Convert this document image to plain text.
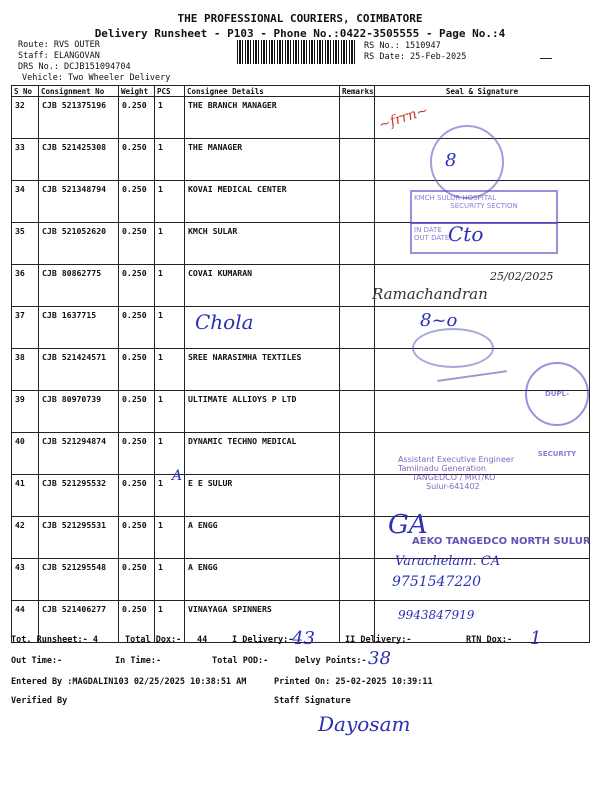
THE PROFESSIONAL COURIERS, COIMBATORE
Delivery Runsheet - P103 - Phone No.:0422-3505555 - Page No.:4
Route: RVS OUTER
Staff: ELANGOVAN
DRS No.: DCJB151094704
Vehicle: Two Wheeler Delivery
RS No.: 1510947
RS Date: 25-Feb-2025
S No	Consignment No	Weight	PCS	Consignee Details	Remarks	Seal & Signature
32	CJB 521375196	0.250	1	THE BRANCH MANAGER		
33	CJB 521425308	0.250	1	THE MANAGER		
34	CJB 521348794	0.250	1	KOVAI MEDICAL CENTER		
35	CJB 521052620	0.250	1	KMCH SULAR		
36	CJB 80862775	0.250	1	COVAI KUMARAN		
37	CJB 1637715	0.250	1			
38	CJB 521424571	0.250	1	SREE NARASIMHA TEXTILES		
39	CJB 80970739	0.250	1	ULTIMATE ALLIOYS P LTD		
40	CJB 521294874	0.250	1	DYNAMIC TECHNO MEDICAL		
41	CJB 521295532	0.250	1	E E SULUR		
42	CJB 521295531	0.250	1	A ENGG		
43	CJB 521295548	0.250	1	A ENGG		
44	CJB 521406277	0.250	1	VINAYAGA SPINNERS		
~frrn~
8
KMCH SULUR HOSPITAL
SECURITY SECTION
IN DATE
OUT DATE
Cto
25/02/2025
Ramachandran
Chola	8~o
DUPL-SECURITY
Assistant Executive Engineer
Tamilnadu Generation
TANGEDCO / MRT/KO
Sulur-641402
A
AEKO TANGEDCO NORTH SULUR
GA
Varachelam. CA
9751547220
9943847919
Tot. Runsheet:- 4	Total Dox:- 44	I Delivery:-
43	II Delivery:-	RTN Dox:- 1
Out Time:-	In Time:-	Total POD:-	Delvy Points:- 38
Entered By :MAGDALIN103 02/25/2025 10:38:51 AM	Printed On: 25-02-2025 10:39:11
Verified By	Staff Signature
Dayosam
